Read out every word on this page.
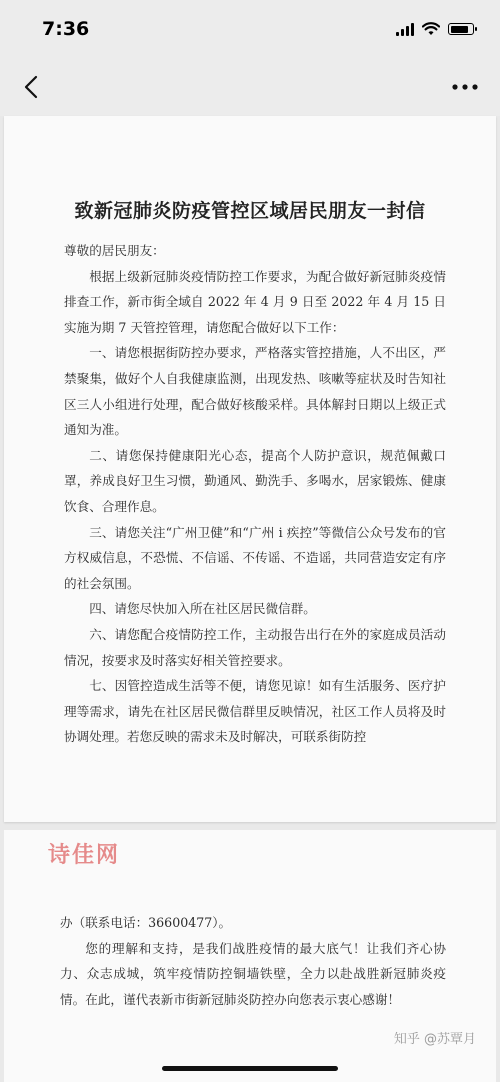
7:36
致新冠肺炎防疫管控区域居民朋友一封信

尊敬的居民朋友：

根据上级新冠肺炎疫情防控工作要求，为配合做好新冠肺炎疫情排查工作，新市街全域自 2022 年 4 月 9 日至 2022 年 4 月 15 日实施为期 7 天管控管理，请您配合做好以下工作：

一、请您根据街防控办要求，严格落实管控措施，人不出区，严禁聚集，做好个人自我健康监测，出现发热、咳嗽等症状及时告知社区三人小组进行处理，配合做好核酸采样。具体解封日期以上级正式通知为准。

二、请您保持健康阳光心态，提高个人防护意识，规范佩戴口罩，养成良好卫生习惯，勤通风、勤洗手、多喝水，居家锻炼、健康饮食、合理作息。

三、请您关注“广州卫健”和“广州 i 疾控”等微信公众号发布的官方权威信息，不恐慌、不信谣、不传谣、不造谣，共同营造安定有序的社会氛围。

四、请您尽快加入所在社区居民微信群。

六、请您配合疫情防控工作，主动报告出行在外的家庭成员活动情况，按要求及时落实好相关管控要求。

七、因管控造成生活等不便，请您见谅！如有生活服务、医疗护理等需求，请先在社区居民微信群里反映情况，社区工作人员将及时协调处理。若您反映的需求未及时解决，可联系街防控

诗佳网

办（联系电话：36600477）。

您的理解和支持，是我们战胜疫情的最大底气！让我们齐心协力、众志成城，筑牢疫情防控铜墙铁壁，全力以赴战胜新冠肺炎疫情。在此，谨代表新市街新冠肺炎防控办向您表示衷心感谢！

知乎 @苏覃月
